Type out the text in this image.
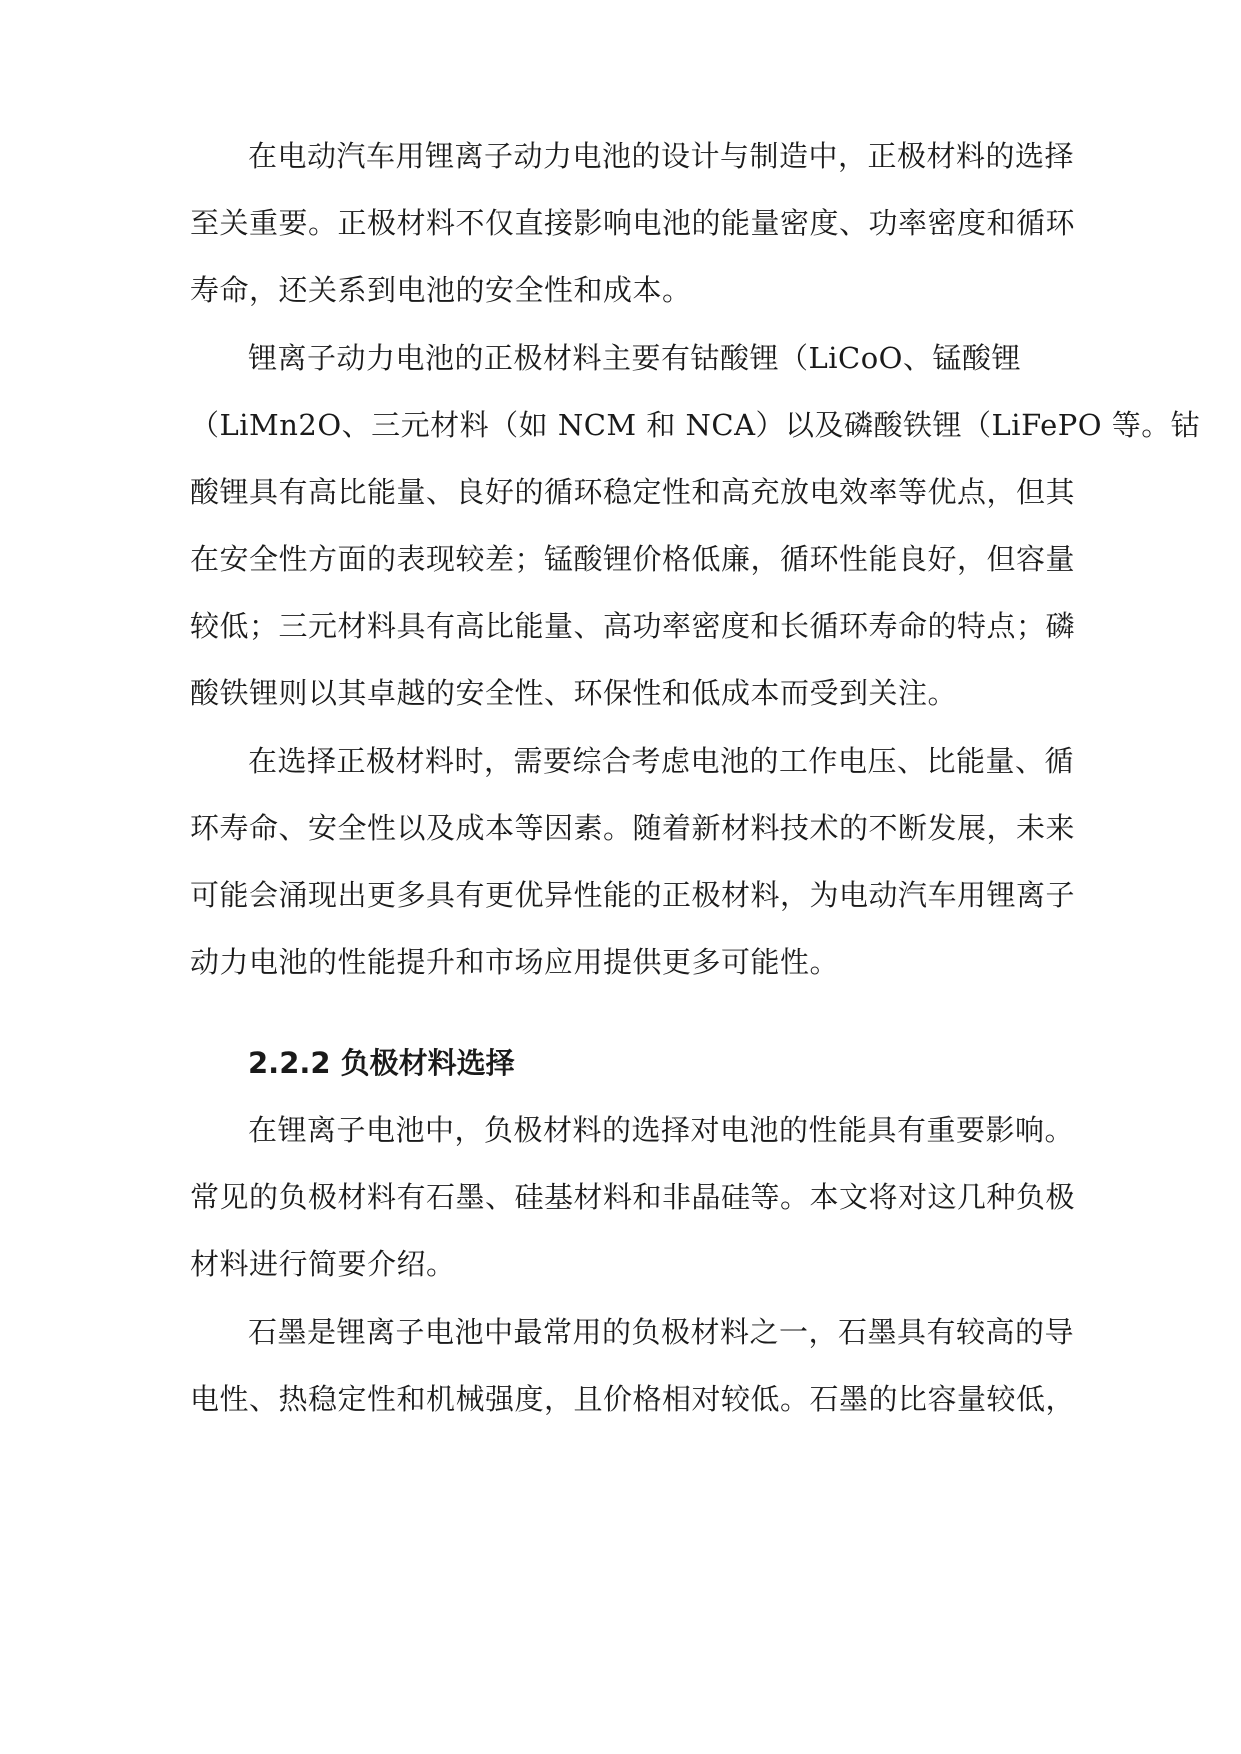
在电动汽车用锂离子动力电池的设计与制造中，正极材料的选择
至关重要。正极材料不仅直接影响电池的能量密度、功率密度和循环
寿命，还关系到电池的安全性和成本。
锂离子动力电池的正极材料主要有钴酸锂（LiCoO、锰酸锂
（LiMn2O、三元材料（如 NCM 和 NCA）以及磷酸铁锂（LiFePO 等。钴
酸锂具有高比能量、良好的循环稳定性和高充放电效率等优点，但其
在安全性方面的表现较差；锰酸锂价格低廉，循环性能良好，但容量
较低；三元材料具有高比能量、高功率密度和长循环寿命的特点；磷
酸铁锂则以其卓越的安全性、环保性和低成本而受到关注。
在选择正极材料时，需要综合考虑电池的工作电压、比能量、循
环寿命、安全性以及成本等因素。随着新材料技术的不断发展，未来
可能会涌现出更多具有更优异性能的正极材料，为电动汽车用锂离子
动力电池的性能提升和市场应用提供更多可能性。
2.2.2 负极材料选择
在锂离子电池中，负极材料的选择对电池的性能具有重要影响。
常见的负极材料有石墨、硅基材料和非晶硅等。本文将对这几种负极
材料进行简要介绍。
石墨是锂离子电池中最常用的负极材料之一，石墨具有较高的导
电性、热稳定性和机械强度，且价格相对较低。石墨的比容量较低，
